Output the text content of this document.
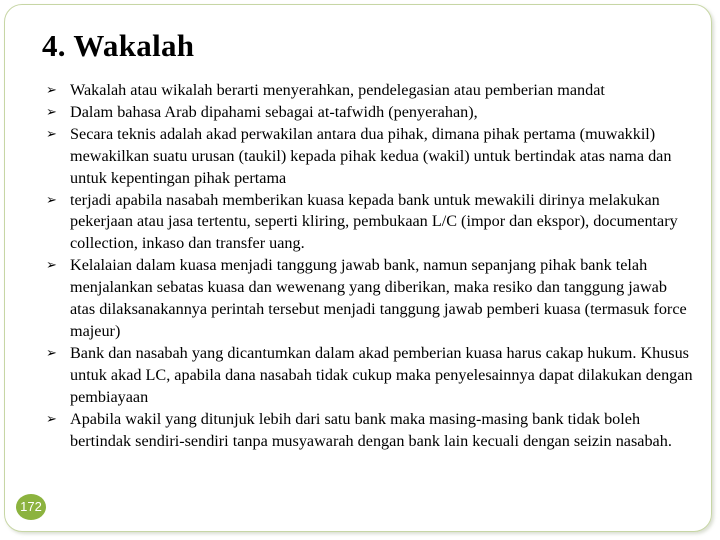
4. Wakalah
➢ Wakalah atau wikalah berarti menyerahkan, pendelegasian atau pemberian mandat
➢ Dalam bahasa Arab dipahami sebagai at-tafwidh (penyerahan),
➢ Secara teknis adalah akad perwakilan antara dua pihak, dimana pihak pertama (muwakkil) mewakilkan suatu urusan (taukil) kepada pihak kedua (wakil) untuk bertindak atas nama dan untuk kepentingan pihak pertama
➢ terjadi apabila nasabah memberikan kuasa kepada bank untuk mewakili dirinya melakukan pekerjaan atau jasa tertentu, seperti kliring, pembukaan L/C (impor dan ekspor), documentary collection, inkaso dan transfer uang.
➢ Kelalaian dalam kuasa menjadi tanggung jawab bank, namun sepanjang pihak bank telah menjalankan sebatas kuasa dan wewenang yang diberikan, maka resiko dan tanggung jawab atas dilaksanakannya perintah tersebut menjadi tanggung jawab pemberi kuasa (termasuk force majeur)
➢ Bank dan nasabah yang dicantumkan dalam akad pemberian kuasa harus cakap hukum. Khusus untuk akad LC, apabila dana nasabah tidak cukup maka penyelesainnya dapat dilakukan dengan pembiayaan
➢ Apabila wakil yang ditunjuk lebih dari satu bank maka masing-masing bank tidak boleh bertindak sendiri-sendiri tanpa musyawarah dengan bank lain kecuali dengan seizin nasabah.
172
